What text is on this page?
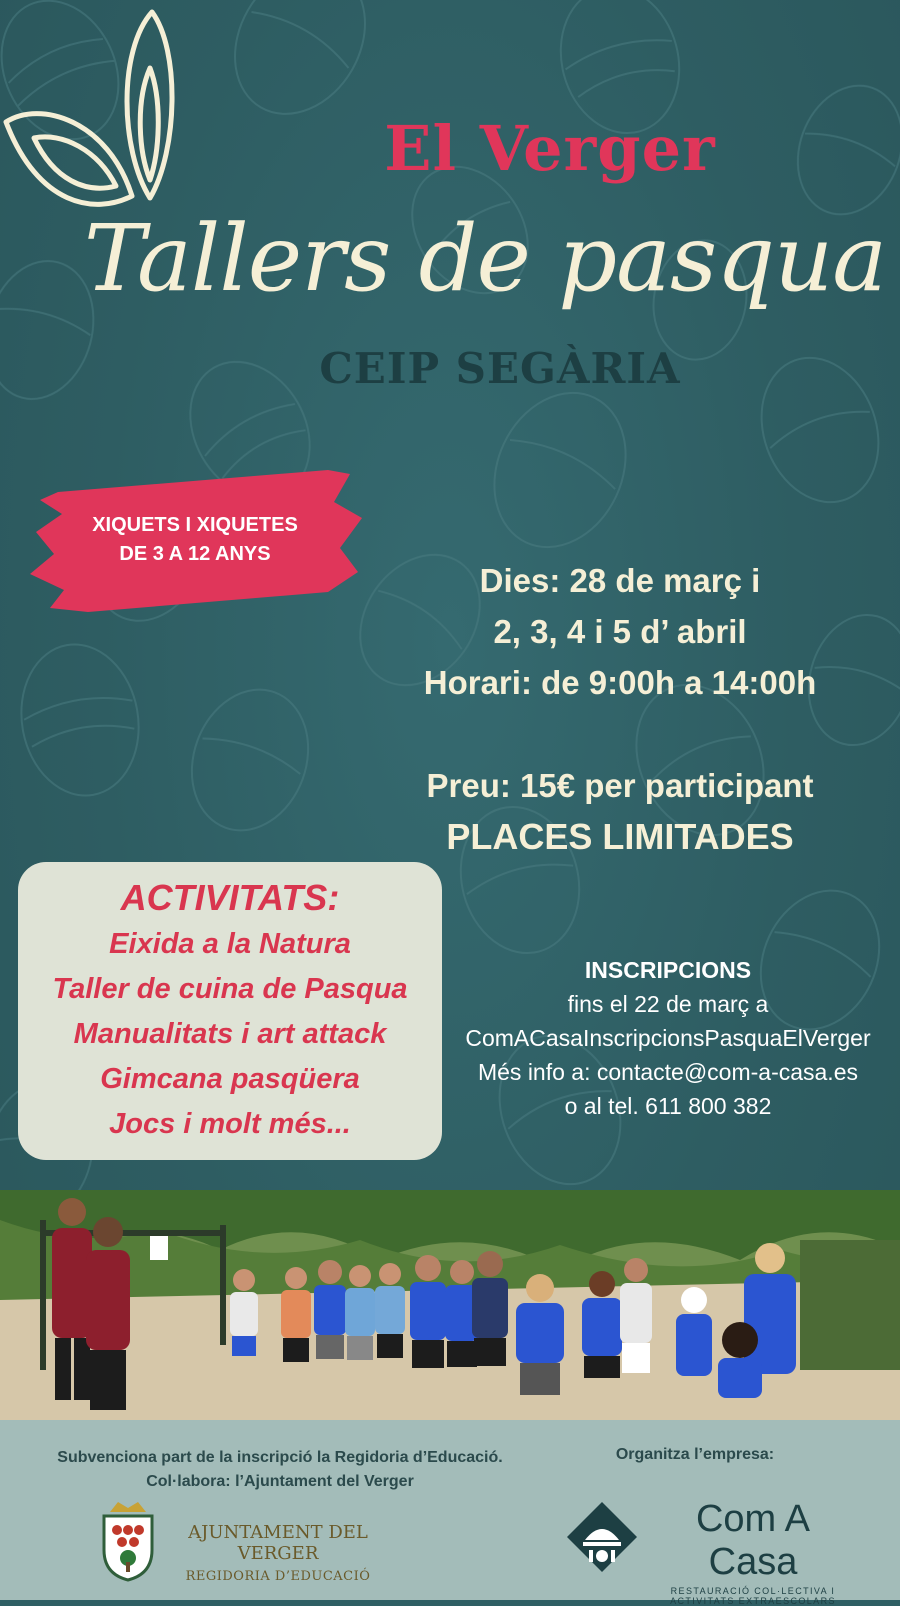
El Verger
Tallers de pasqua
CEIP SEGÀRIA
XIQUETS I XIQUETES
DE 3 A 12 ANYS
Dies: 28 de març i
2, 3, 4 i 5 d’ abril
Horari: de 9:00h a 14:00h
Preu: 15€ per participant
PLACES LIMITADES
ACTIVITATS:
Eixida a la Natura
Taller de cuina de Pasqua
Manualitats i art attack
Gimcana pasqüera
Jocs i molt més...
INSCRIPCIONS
fins el 22 de març a
ComACasaInscripcionsPasquaElVerger
Més info a: contacte@com-a-casa.es
o al tel. 611 800 382
Subvenciona part de la inscripció la Regidoria d’Educació.
Col·labora: l’Ajuntament del Verger
Organitza l’empresa:
AJUNTAMENT DEL VERGER
REGIDORIA D’EDUCACIÓ
Com A Casa
RESTAURACIÓ COL·LECTIVA I ACTIVITATS EXTRAESCOLARS
